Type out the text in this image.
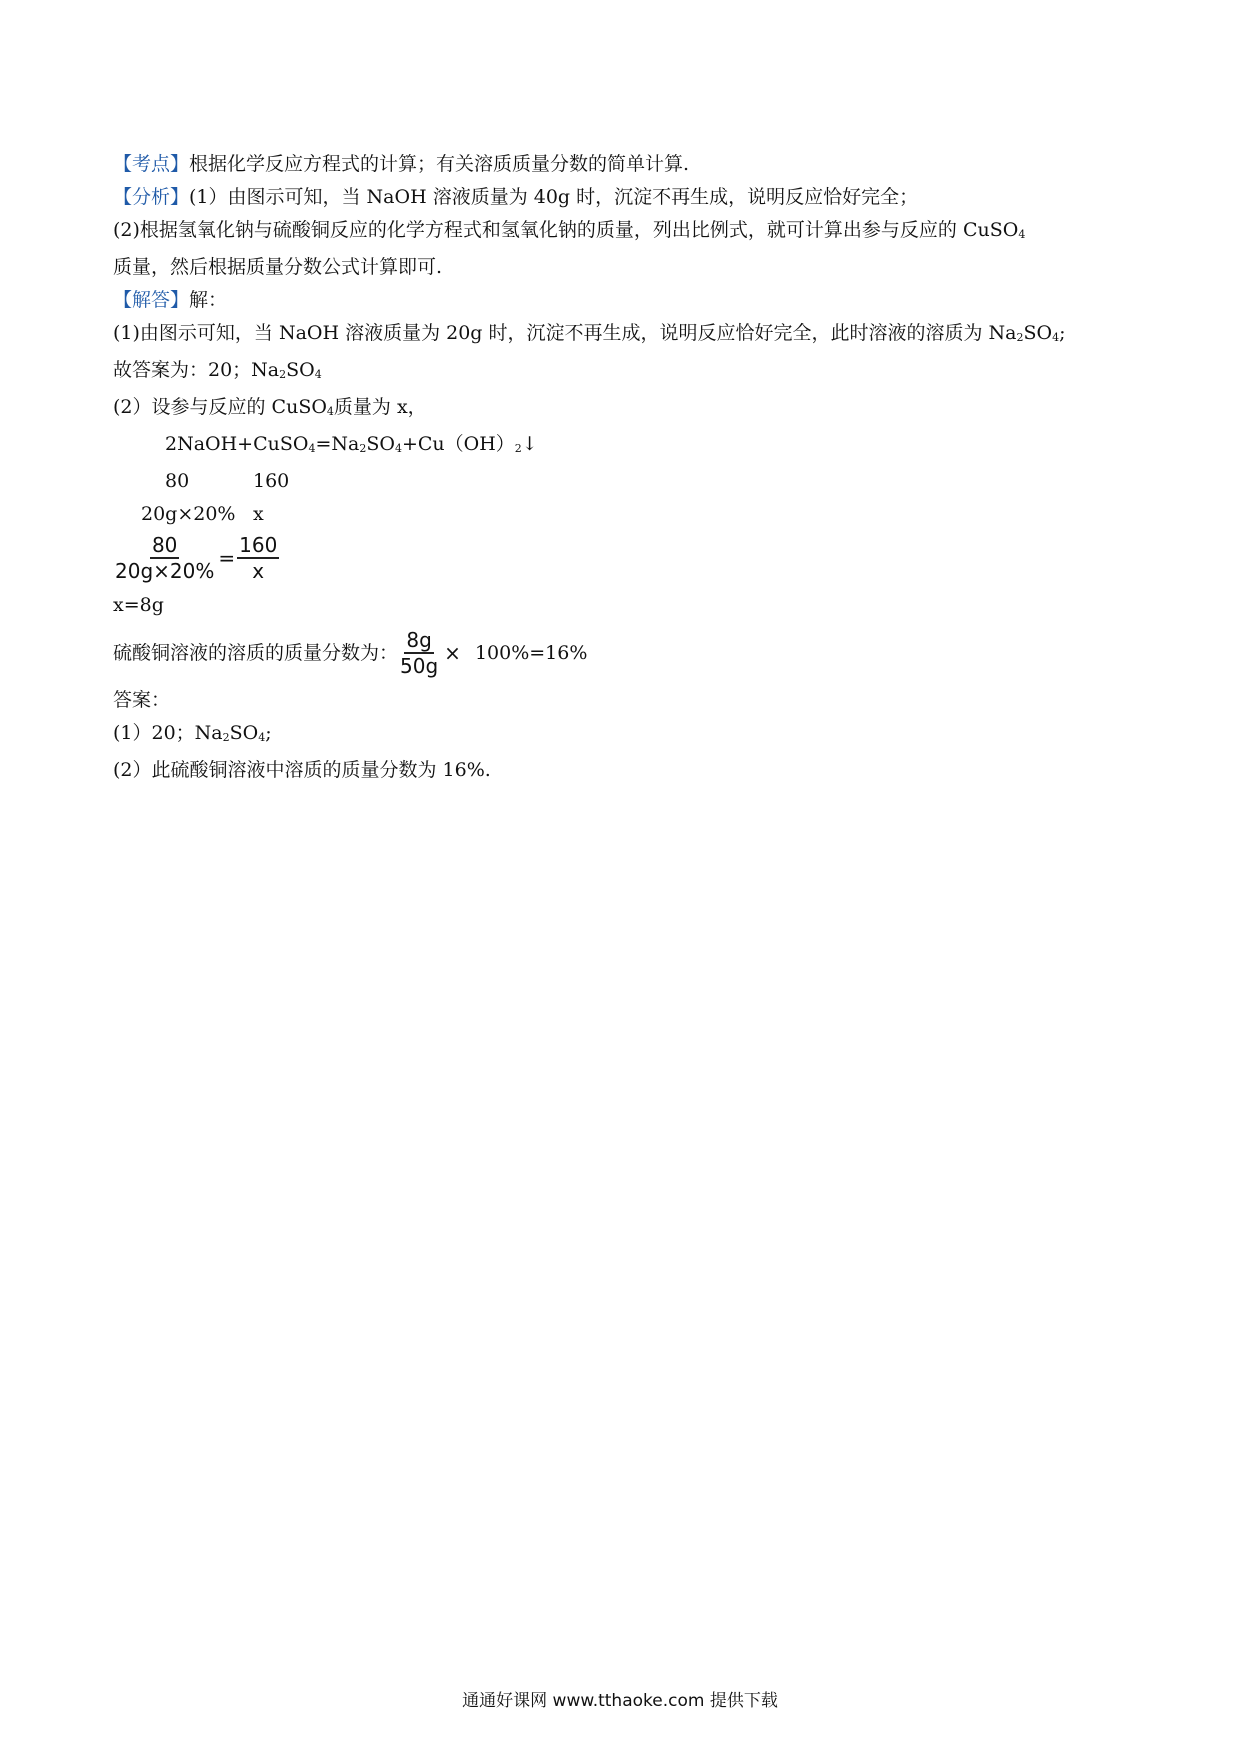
【考点】根据化学反应方程式的计算；有关溶质质量分数的简单计算.
【分析】(1）由图示可知，当 NaOH 溶液质量为 40g 时，沉淀不再生成，说明反应恰好完全；
(2)根据氢氧化钠与硫酸铜反应的化学方程式和氢氧化钠的质量，列出比例式，就可计算出参与反应的 CuSO$_4$
质量，然后根据质量分数公式计算即可.
【解答】解：
(1)由图示可知，当 NaOH 溶液质量为 20g 时，沉淀不再生成，说明反应恰好完全，此时溶液的溶质为 $Na_2SO_4$;
故答案为：20；$Na_2SO_4$
(2）设参与反应的 CuSO$_4$质量为 x，
$2NaOH+CuSO_4=Na_2SO_4+Cu(OH)_2↓$
80	160
20g×20% x
$\frac{80}{20g\times 20\%} = \frac{160}{x}$
x=8g
硫酸铜溶液的溶质的质量分数为： $\frac{8g}{50g} \times 100\%=16\%$
答案：
(1）20；$Na_2SO_4$;
(2）此硫酸铜溶液中溶质的质量分数为 16%.
通通好课网 www.tthaoke.com 提供下载
